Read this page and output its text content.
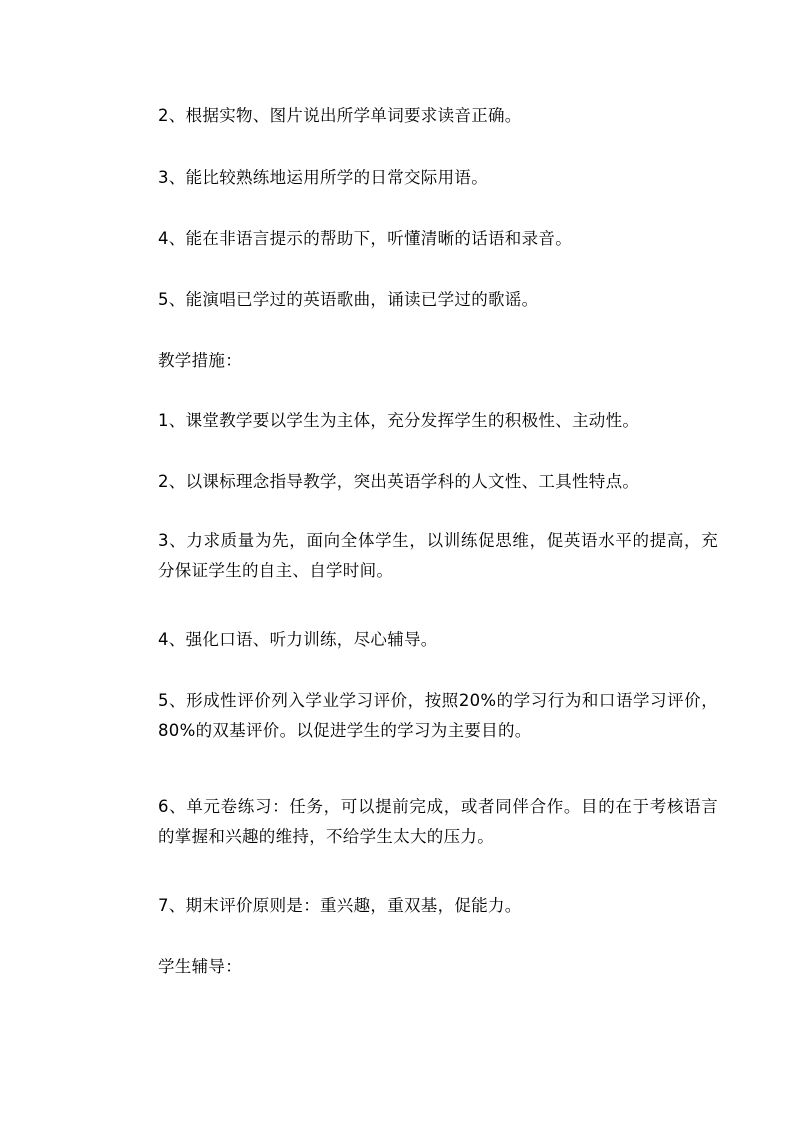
2、根据实物、图片说出所学单词要求读音正确。

3、能比较熟练地运用所学的日常交际用语。

4、能在非语言提示的帮助下，听懂清晰的话语和录音。

5、能演唱已学过的英语歌曲，诵读已学过的歌谣。

教学措施：

1、课堂教学要以学生为主体，充分发挥学生的积极性、主动性。

2、以课标理念指导教学，突出英语学科的人文性、工具性特点。

3、力求质量为先，面向全体学生，以训练促思维，促英语水平的提高，充分保证学生的自主、自学时间。

4、强化口语、听力训练，尽心辅导。

5、形成性评价列入学业学习评价，按照20%的学习行为和口语学习评价，80%的双基评价。以促进学生的学习为主要目的。

6、单元卷练习：任务，可以提前完成，或者同伴合作。目的在于考核语言的掌握和兴趣的维持，不给学生太大的压力。

7、期末评价原则是：重兴趣，重双基，促能力。

学生辅导：
